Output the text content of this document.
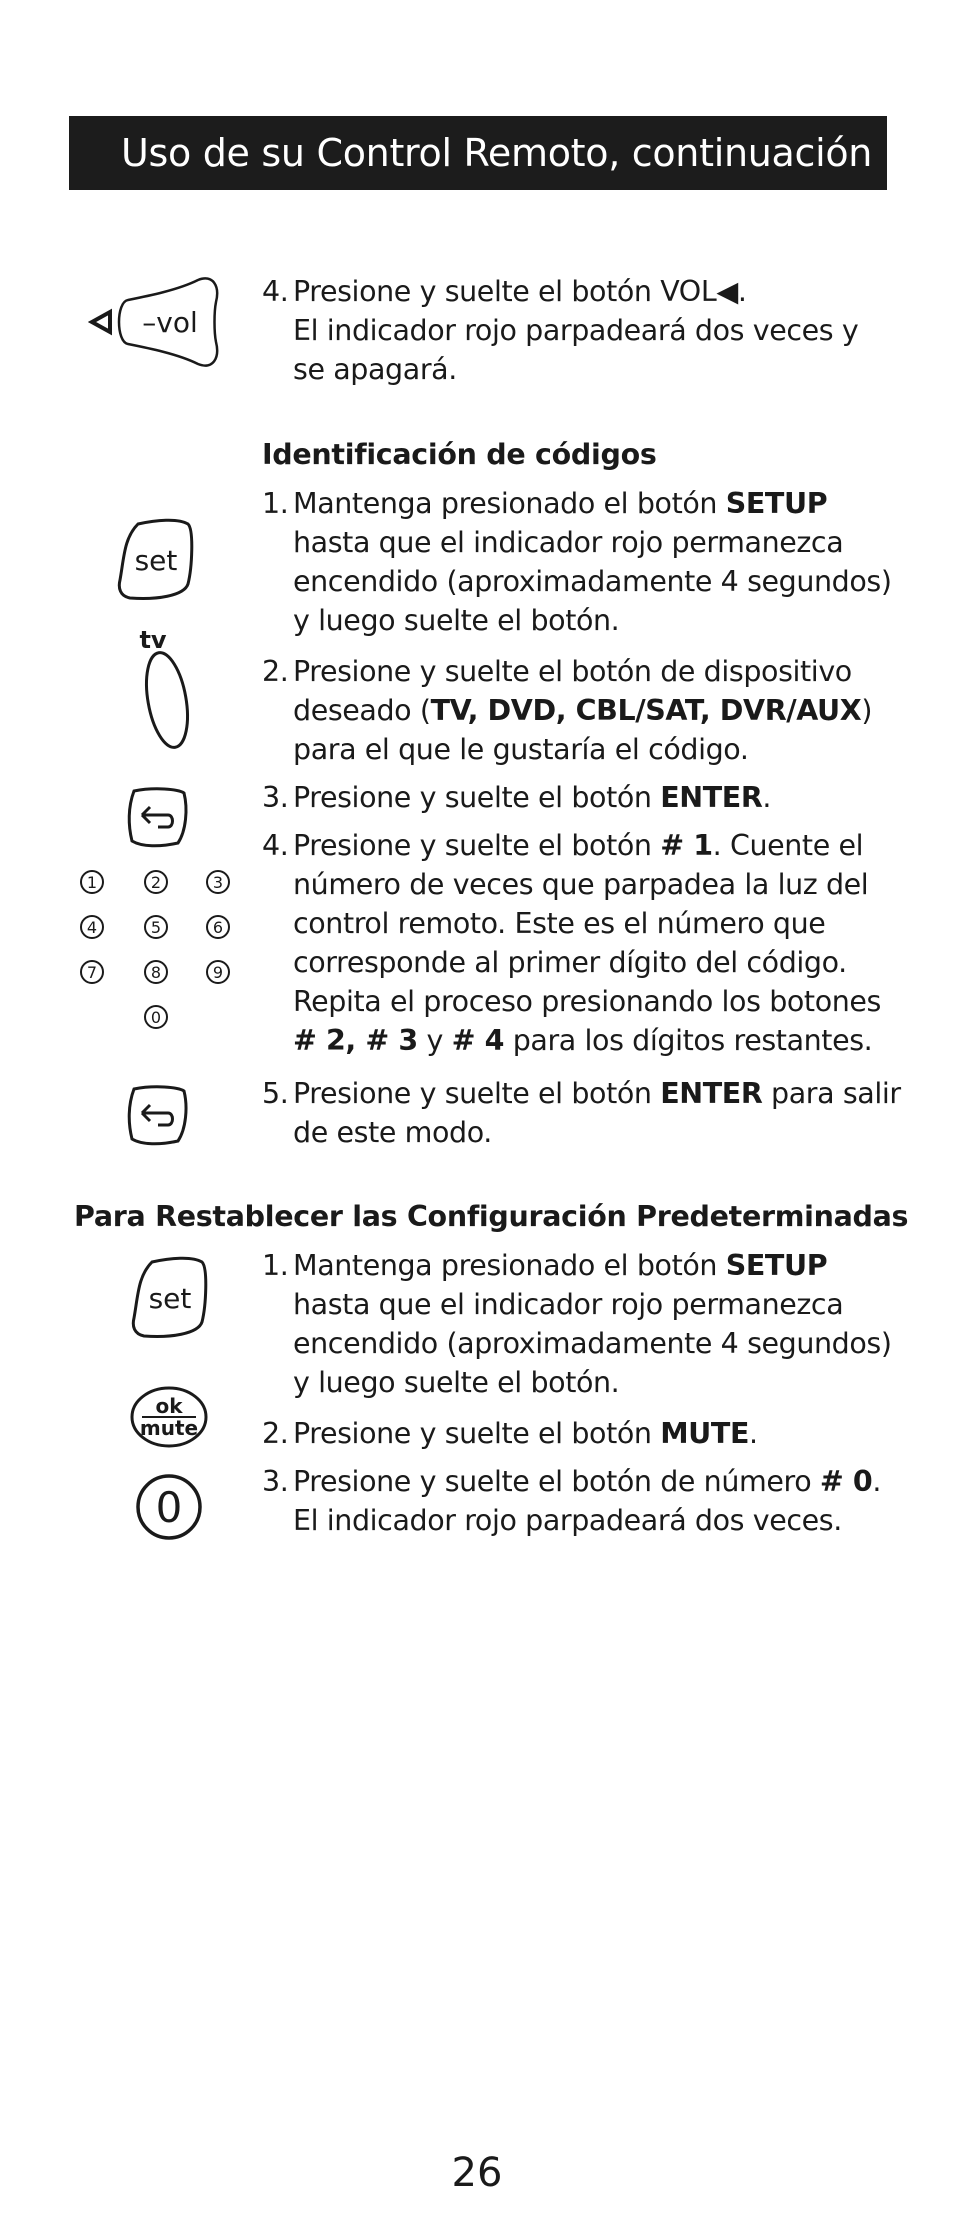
Uso de su Control Remoto, continuación
–vol
4. Presione y suelte el botón VOL◀.
El indicador rojo parpadeará dos veces y
se apagará.
Identificación de códigos
set
1. Mantenga presionado el botón SETUP
hasta que el indicador rojo permanezca
encendido (aproximadamente 4 segundos)
y luego suelte el botón.
tv
2. Presione y suelte el botón de dispositivo
deseado (TV, DVD, CBL/SAT, DVR/AUX)
para el que le gustaría el código.
3. Presione y suelte el botón ENTER.
1	2	3
4	5	6
7	8	9
0
4. Presione y suelte el botón # 1. Cuente el
número de veces que parpadea la luz del
control remoto. Este es el número que
corresponde al primer dígito del código.
Repita el proceso presionando los botones
# 2, # 3 y # 4 para los dígitos restantes.
5. Presione y suelte el botón ENTER para salir
de este modo.
Para Restablecer las Configuración Predeterminadas
set
1. Mantenga presionado el botón SETUP
hasta que el indicador rojo permanezca
encendido (aproximadamente 4 segundos)
y luego suelte el botón.
ok
mute 2. Presione y suelte el botón MUTE.
0
3. Presione y suelte el botón de número # 0.
El indicador rojo parpadeará dos veces.
26
